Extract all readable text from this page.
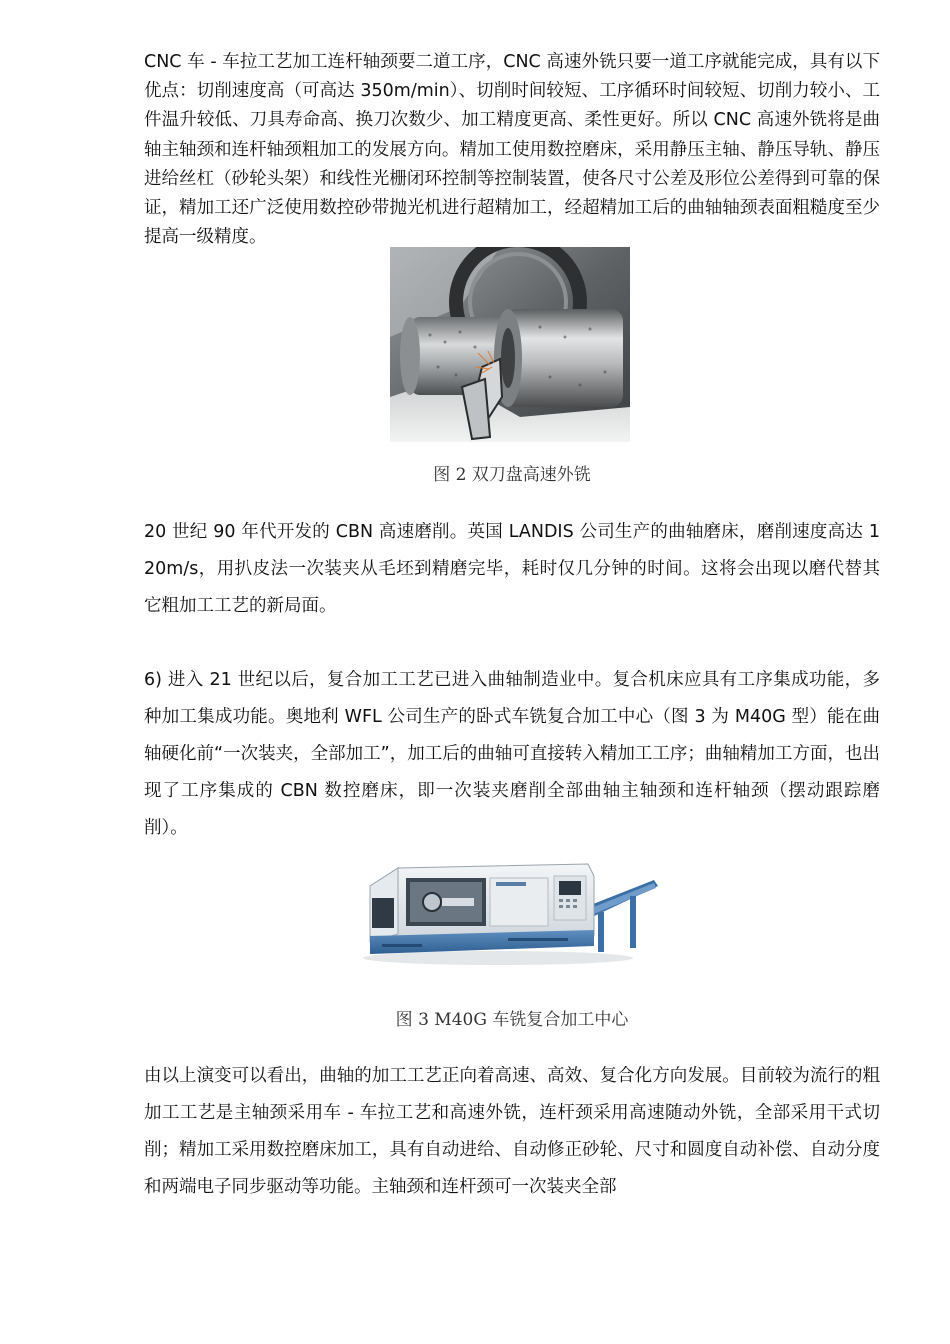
CNC 车 - 车拉工艺加工连杆轴颈要二道工序，CNC 高速外铣只要一道工序就能完成，具有以下优点：切削速度高（可高达 350m/min）、切削时间较短、工序循环时间较短、切削力较小、工件温升较低、刀具寿命高、换刀次数少、加工精度更高、柔性更好。所以 CNC 高速外铣将是曲轴主轴颈和连杆轴颈粗加工的发展方向。精加工使用数控磨床，采用静压主轴、静压导轨、静压进给丝杠（砂轮头架）和线性光栅闭环控制等控制装置，使各尺寸公差及形位公差得到可靠的保证，精加工还广泛使用数控砂带抛光机进行超精加工，经超精加工后的曲轴轴颈表面粗糙度至少提高一级精度。

图 2 双刀盘高速外铣

20 世纪 90 年代开发的 CBN 高速磨削。英国 LANDIS 公司生产的曲轴磨床，磨削速度高达 120m/s，用扒皮法一次装夹从毛坯到精磨完毕，耗时仅几分钟的时间。这将会出现以磨代替其它粗加工工艺的新局面。

6) 进入 21 世纪以后，复合加工工艺已进入曲轴制造业中。复合机床应具有工序集成功能，多种加工集成功能。奥地利 WFL 公司生产的卧式车铣复合加工中心（图 3 为 M40G 型）能在曲轴硬化前“一次装夹，全部加工”，加工后的曲轴可直接转入精加工工序；曲轴精加工方面，也出现了工序集成的 CBN 数控磨床，即一次装夹磨削全部曲轴主轴颈和连杆轴颈（摆动跟踪磨削）。

图 3 M40G 车铣复合加工中心

由以上演变可以看出，曲轴的加工工艺正向着高速、高效、复合化方向发展。目前较为流行的粗加工工艺是主轴颈采用车 - 车拉工艺和高速外铣，连杆颈采用高速随动外铣，全部采用干式切削；精加工采用数控磨床加工，具有自动进给、自动修正砂轮、尺寸和圆度自动补偿、自动分度和两端电子同步驱动等功能。主轴颈和连杆颈可一次装夹全部
